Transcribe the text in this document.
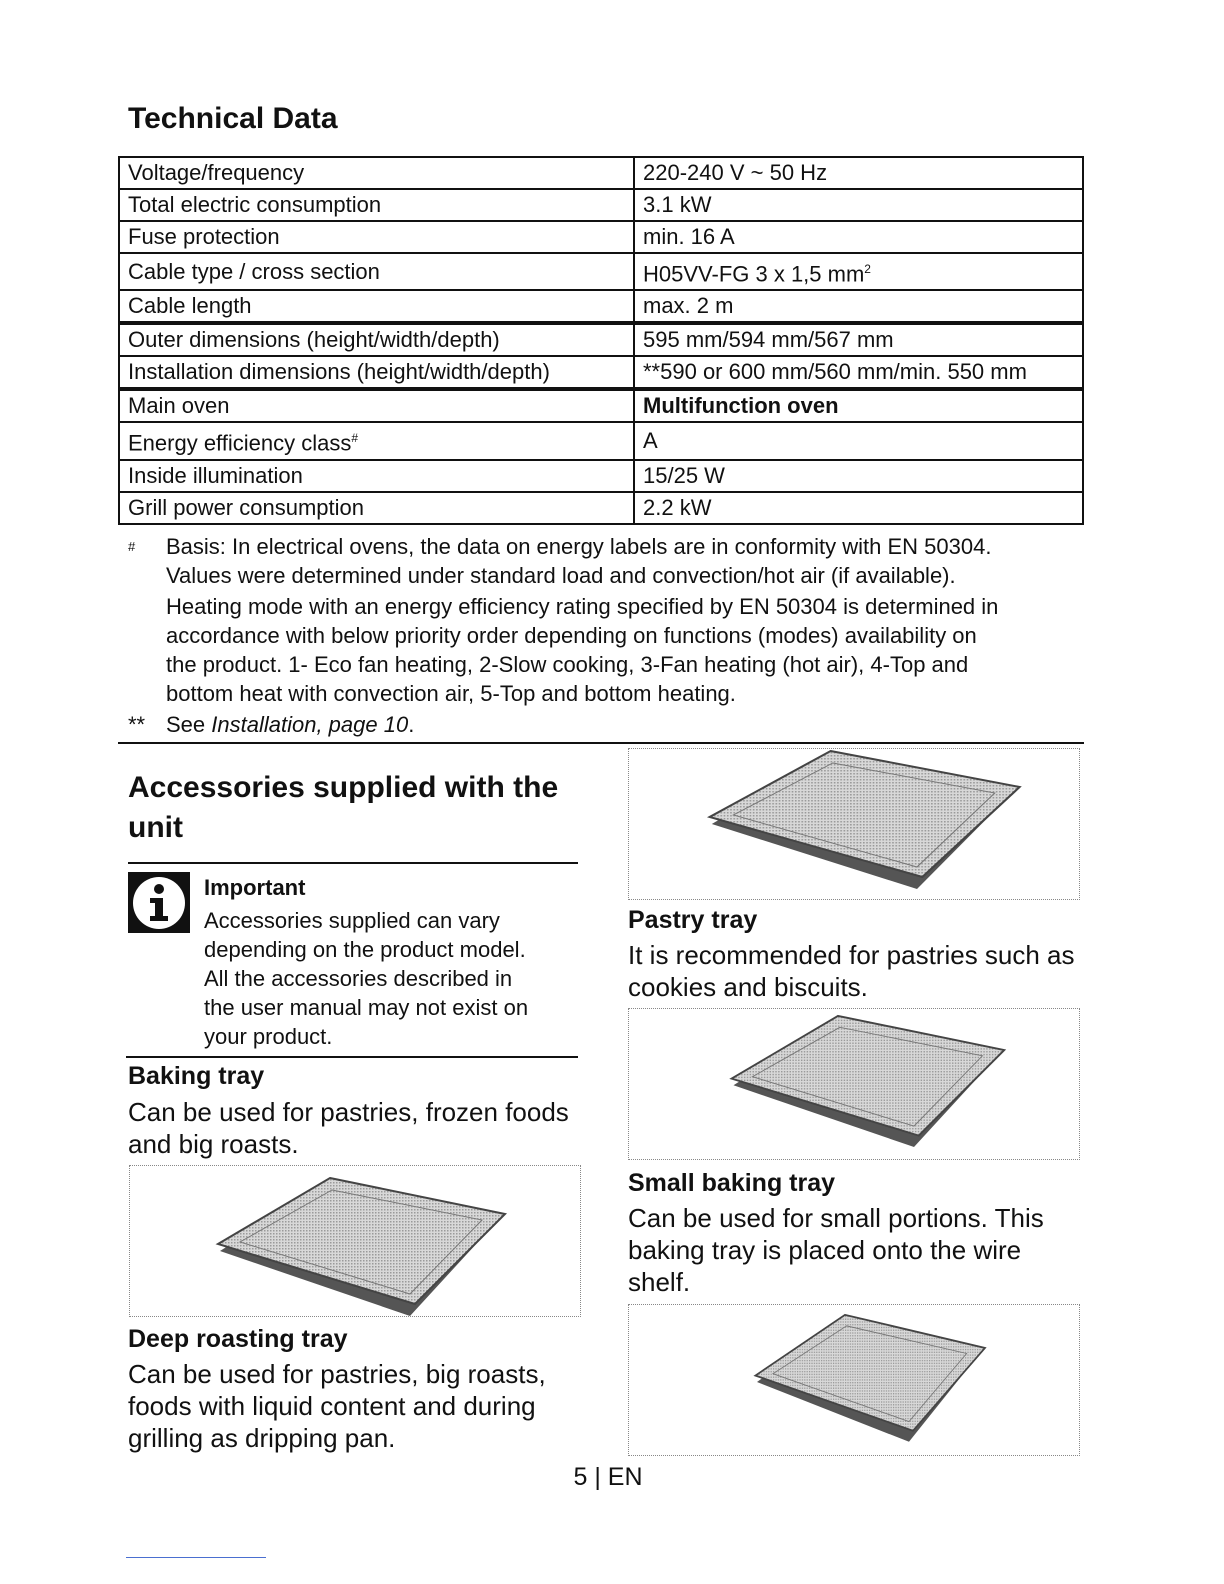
Technical Data
Voltage/frequency	220-240 V ~ 50 Hz
Total electric consumption	3.1 kW
Fuse protection	min. 16 A
Cable type / cross section	H05VV-FG 3 x 1,5 $mm^2$
Cable length	max. 2 m
Outer dimensions (height/width/depth)	595 mm/594 mm/567 mm
Installation dimensions (height/width/depth)	**590 or 600 mm/560 mm/min. 550 mm
Main oven	Multifunction oven
Energy efficiency class#	A
Inside illumination	15/25 W
Grill power consumption	2.2 kW
# Basis: In electrical ovens, the data on energy labels are in conformity with EN 50304.
Values were determined under standard load and convection/hot air (if available).
Heating mode with an energy efficiency rating specified by EN 50304 is determined in
accordance with below priority order depending on functions (modes) availability on
the product. 1- Eco fan heating, 2-Slow cooking, 3-Fan heating (hot air), 4-Top and
bottom heat with convection air, 5-Top and bottom heating.
** See Installation, page 10.
Accessories supplied with the
unit
Important
Accessories supplied can vary
depending on the product model.
All the accessories described in
the user manual may not exist on
your product.
Baking tray
Can be used for pastries, frozen foods
and big roasts.
Deep roasting tray
Can be used for pastries, big roasts,
foods with liquid content and during
grilling as dripping pan.
Pastry tray
It is recommended for pastries such as
cookies and biscuits.
Small baking tray
Can be used for small portions. This
baking tray is placed onto the wire
shelf.
5 | EN
